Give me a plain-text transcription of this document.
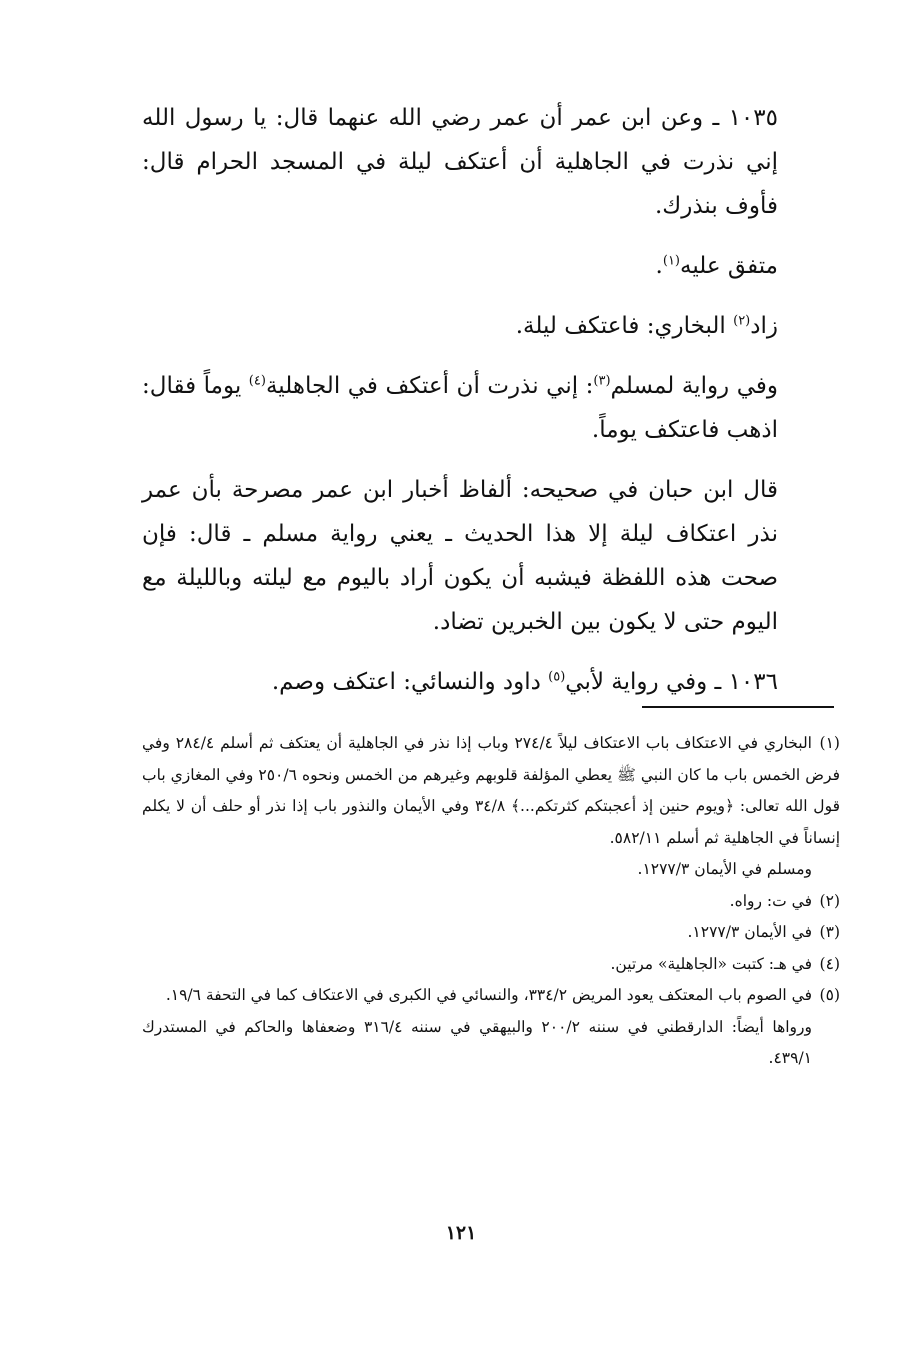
١٠٣٥ ـ وعن ابن عمر أن عمر رضي الله عنهما قال: يا رسول الله إني نذرت في الجاهلية أن أعتكف ليلة في المسجد الحرام قال: فأوف بنذرك.

متفق عليه$^{(١)}$.

زاد$^{(٢)}$ البخاري: فاعتكف ليلة.

وفي رواية لمسلم$^{(٣)}$: إني نذرت أن أعتكف في الجاهلية$^{(٤)}$ يوماً فقال: اذهب فاعتكف يوماً.

قال ابن حبان في صحيحه: ألفاظ أخبار ابن عمر مصرحة بأن عمر نذر اعتكاف ليلة إلا هذا الحديث ـ يعني رواية مسلم ـ قال: فإن صحت هذه اللفظة فيشبه أن يكون أراد باليوم مع ليلته وبالليلة مع اليوم حتى لا يكون بين الخبرين تضاد.

١٠٣٦ ـ وفي رواية لأبي$^{(٥)}$ داود والنسائي: اعتكف وصم.

(١)البخاري في الاعتكاف باب الاعتكاف ليلاً ٢٧٤/٤ وباب إذا نذر في الجاهلية أن يعتكف ثم أسلم ٢٨٤/٤ وفي فرض الخمس باب ما كان النبي ﷺ يعطي المؤلفة قلوبهم وغيرهم من الخمس ونحوه ٢٥٠/٦ وفي المغازي باب قول الله تعالى: ﴿ويوم حنين إذ أعجبتكم كثرتكم...﴾ ٣٤/٨ وفي الأيمان والنذور باب إذا نذر أو حلف أن لا يكلم إنساناً في الجاهلية ثم أسلم ٥٨٢/١١.
ومسلم في الأيمان ١٢٧٧/٣.
(٢)في ت: رواه.
(٣)في الأيمان ١٢٧٧/٣.
(٤)في هـ: كتبت «الجاهلية» مرتين.
(٥)في الصوم باب المعتكف يعود المريض ٣٣٤/٢، والنسائي في الكبرى في الاعتكاف كما في التحفة ١٩/٦.
ورواها أيضاً: الدارقطني في سننه ٢٠٠/٢ والبيهقي في سننه ٣١٦/٤ وضعفاها والحاكم في المستدرك ٤٣٩/١.
١٢١
